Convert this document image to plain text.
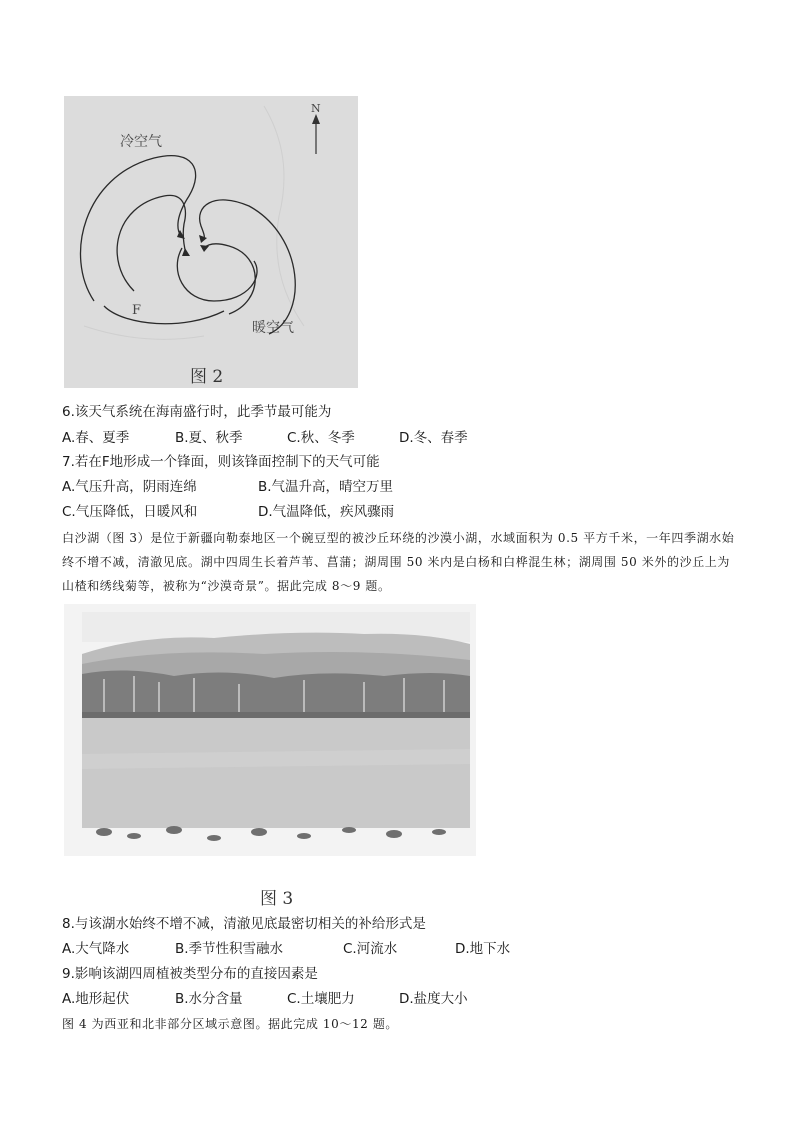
N
冷空气
暖空气
F
图 2
6.该天气系统在海南盛行时，此季节最可能为
A.春、夏季	B.夏、秋季	C.秋、冬季	D.冬、春季
7.若在F地形成一个锋面，则该锋面控制下的天气可能
A.气压升高，阴雨连绵	B.气温升高，晴空万里
C.气压降低，日暖风和	D.气温降低，疾风骤雨
白沙湖（图 3）是位于新疆向勒泰地区一个碗豆型的被沙丘环绕的沙漠小湖，水域面积为 0.5 平方千米，一年四季湖水始终不增不减，清澈见底。湖中四周生长着芦苇、菖蒲；湖周围 50 米内是白杨和白桦混生林；湖周围 50 米外的沙丘上为山楂和绣线菊等，被称为“沙漠奇景”。据此完成 8～9 题。
图 3
8.与该湖水始终不增不减，清澈见底最密切相关的补给形式是
A.大气降水	B.季节性积雪融水	C.河流水	D.地下水
9.影响该湖四周植被类型分布的直接因素是
A.地形起伏	B.水分含量	C.土壤肥力	D.盐度大小
图 4 为西亚和北非部分区域示意图。据此完成 10～12 题。
